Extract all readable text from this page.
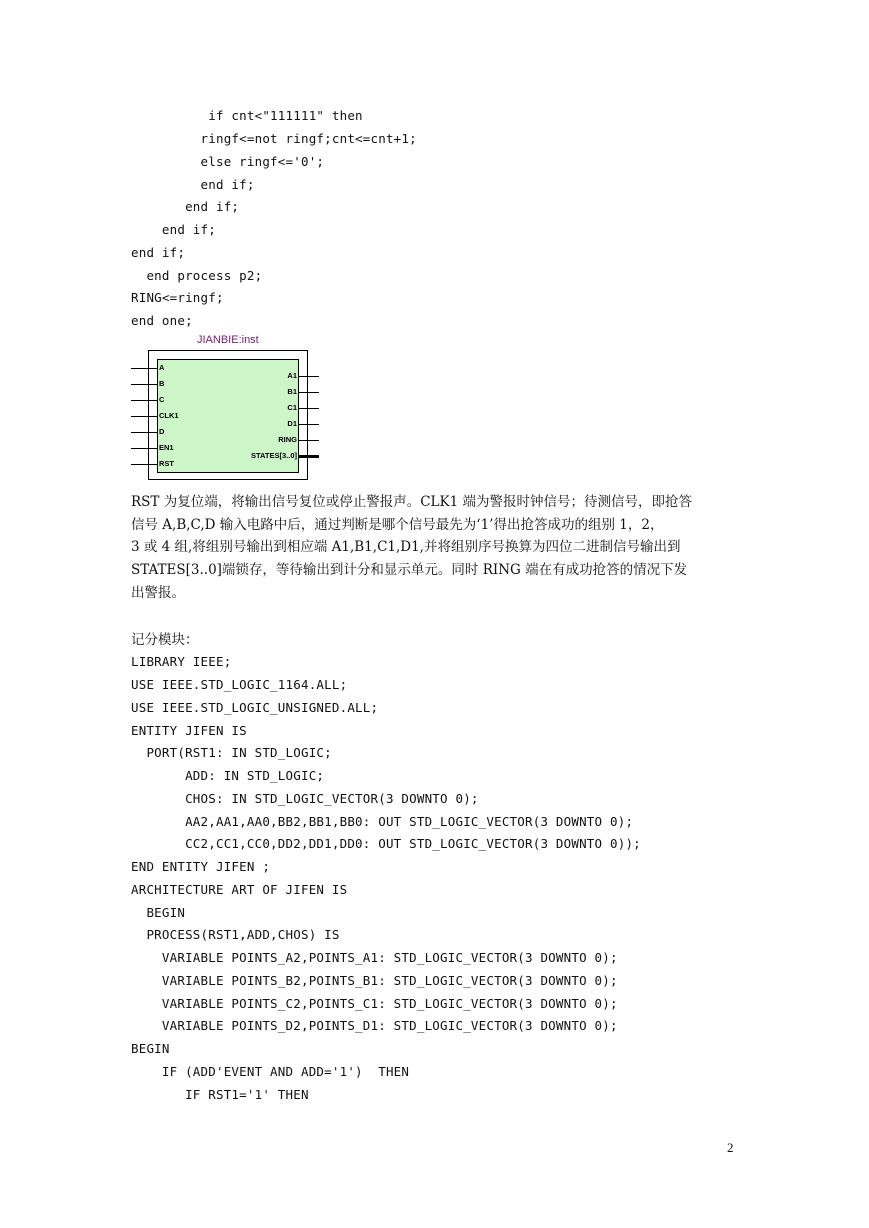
if cnt<"111111" then
ringf<=not ringf;cnt<=cnt+1;
else ringf<='0';
end if;
end if;
end if;
end if;
end process p2;
RING<=ringf;
end one;
JIANBIE:inst
A
B
C
CLK1
D
EN1
RST
A1
B1
C1
D1
RING
STATES[3..0]
RST 为复位端，将输出信号复位或停止警报声。CLK1 端为警报时钟信号；待测信号，即抢答
信号 A,B,C,D 输入电路中后，通过判断是哪个信号最先为‘1’得出抢答成功的组别 1，2，
3 或 4 组,将组别号输出到相应端 A1,B1,C1,D1,并将组别序号换算为四位二进制信号输出到
STATES[3..0]端锁存，等待输出到计分和显示单元。同时 RING 端在有成功抢答的情况下发
出警报。
记分模块：
LIBRARY IEEE;
USE IEEE.STD_LOGIC_1164.ALL;
USE IEEE.STD_LOGIC_UNSIGNED.ALL;
ENTITY JIFEN IS
PORT(RST1: IN STD_LOGIC;
ADD: IN STD_LOGIC;
CHOS: IN STD_LOGIC_VECTOR(3 DOWNTO 0);
AA2,AA1,AA0,BB2,BB1,BB0: OUT STD_LOGIC_VECTOR(3 DOWNTO 0);
CC2,CC1,CC0,DD2,DD1,DD0: OUT STD_LOGIC_VECTOR(3 DOWNTO 0));
END ENTITY JIFEN ;
ARCHITECTURE ART OF JIFEN IS
BEGIN
PROCESS(RST1,ADD,CHOS) IS
VARIABLE POINTS_A2,POINTS_A1: STD_LOGIC_VECTOR(3 DOWNTO 0);
VARIABLE POINTS_B2,POINTS_B1: STD_LOGIC_VECTOR(3 DOWNTO 0);
VARIABLE POINTS_C2,POINTS_C1: STD_LOGIC_VECTOR(3 DOWNTO 0);
VARIABLE POINTS_D2,POINTS_D1: STD_LOGIC_VECTOR(3 DOWNTO 0);
BEGIN
IF (ADD'EVENT AND ADD='1')  THEN
IF RST1='1' THEN
2
